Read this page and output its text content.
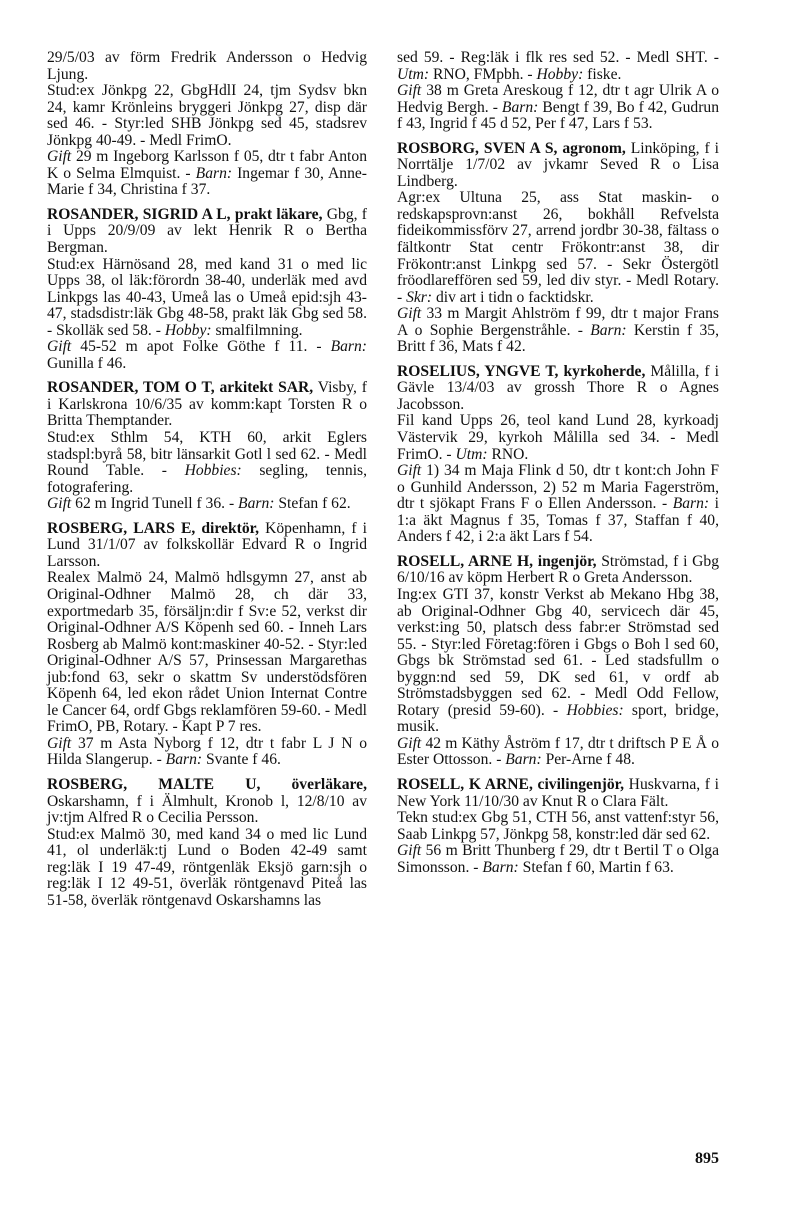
29/5/03 av förm Fredrik Andersson o Hedvig Ljung.

Stud:ex Jönkpg 22, GbgHdlI 24, tjm Sydsv bkn 24, kamr Krönleins bryggeri Jönkpg 27, disp där sed 46. - Styr:led SHB Jönkpg sed 45, stadsrev Jönkpg 40-49. - Medl FrimO.

Gift 29 m Ingeborg Karlsson f 05, dtr t fabr Anton K o Selma Elmquist. - Barn: Ingemar f 30, Anne-Marie f 34, Christina f 37.

ROSANDER, SIGRID A L, prakt läkare, Gbg, f i Upps 20/9/09 av lekt Henrik R o Bertha Bergman.

Stud:ex Härnösand 28, med kand 31 o med lic Upps 38, ol läk:förordn 38-40, underläk med avd Linkpgs las 40-43, Umeå las o Umeå epid:sjh 43-47, stadsdistr:läk Gbg 48-58, prakt läk Gbg sed 58. - Skolläk sed 58. - Hobby: smalfilmning.

Gift 45-52 m apot Folke Göthe f 11. - Barn: Gunilla f 46.

ROSANDER, TOM O T, arkitekt SAR, Visby, f i Karlskrona 10/6/35 av komm:kapt Torsten R o Britta Themptander.

Stud:ex Sthlm 54, KTH 60, arkit Eglers stadspl:byrå 58, bitr länsarkit Gotl l sed 62. - Medl Round Table. - Hobbies: segling, tennis, fotografering.

Gift 62 m Ingrid Tunell f 36. - Barn: Stefan f 62.

ROSBERG, LARS E, direktör, Köpenhamn, f i Lund 31/1/07 av folkskollär Edvard R o Ingrid Larsson.

Realex Malmö 24, Malmö hdlsgymn 27, anst ab Original-Odhner Malmö 28, ch där 33, exportmedarb 35, försäljn:dir f Sv:e 52, verkst dir Original-Odhner A/S Köpenh sed 60. - Inneh Lars Rosberg ab Malmö kont:maskiner 40-52. - Styr:led Original-Odhner A/S 57, Prinsessan Margarethas jub:fond 63, sekr o skattm Sv understödsfören Köpenh 64, led ekon rådet Union Internat Contre le Cancer 64, ordf Gbgs reklamfören 59-60. - Medl FrimO, PB, Rotary. - Kapt P 7 res.

Gift 37 m Asta Nyborg f 12, dtr t fabr L J N o Hilda Slangerup. - Barn: Svante f 46.

ROSBERG, MALTE U, överläkare, Oskarshamn, f i Älmhult, Kronob l, 12/8/10 av jv:tjm Alfred R o Cecilia Persson.

Stud:ex Malmö 30, med kand 34 o med lic Lund 41, ol underläk:tj Lund o Boden 42-49 samt reg:läk I 19 47-49, röntgenläk Eksjö garn:sjh o reg:läk I 12 49-51, överläk röntgenavd Piteå las 51-58, överläk röntgenavd Oskarshamns las

sed 59. - Reg:läk i flk res sed 52. - Medl SHT. - Utm: RNO, FMpbh. - Hobby: fiske.

Gift 38 m Greta Areskoug f 12, dtr t agr Ulrik A o Hedvig Bergh. - Barn: Bengt f 39, Bo f 42, Gudrun f 43, Ingrid f 45 d 52, Per f 47, Lars f 53.

ROSBORG, SVEN A S, agronom, Linköping, f i Norrtälje 1/7/02 av jvkamr Seved R o Lisa Lindberg.

Agr:ex Ultuna 25, ass Stat maskin- o redskapsprovn:anst 26, bokhåll Refvelsta fideikommissförv 27, arrend jordbr 30-38, fältass o fältkontr Stat centr Frökontr:anst 38, dir Frökontr:anst Linkpg sed 57. - Sekr Östergötl fröodlareffören sed 59, led div styr. - Medl Rotary. - Skr: div art i tidn o facktidskr.

Gift 33 m Margit Ahlström f 99, dtr t major Frans A o Sophie Bergenstråhle. - Barn: Kerstin f 35, Britt f 36, Mats f 42.

ROSELIUS, YNGVE T, kyrkoherde, Målilla, f i Gävle 13/4/03 av grossh Thore R o Agnes Jacobsson.

Fil kand Upps 26, teol kand Lund 28, kyrkoadj Västervik 29, kyrkoh Målilla sed 34. - Medl FrimO. - Utm: RNO.

Gift 1) 34 m Maja Flink d 50, dtr t kont:ch John F o Gunhild Andersson, 2) 52 m Maria Fagerström, dtr t sjökapt Frans F o Ellen Andersson. - Barn: i 1:a äkt Magnus f 35, Tomas f 37, Staffan f 40, Anders f 42, i 2:a äkt Lars f 54.

ROSELL, ARNE H, ingenjör, Strömstad, f i Gbg 6/10/16 av köpm Herbert R o Greta Andersson.

Ing:ex GTI 37, konstr Verkst ab Mekano Hbg 38, ab Original-Odhner Gbg 40, servicech där 45, verkst:ing 50, platsch dess fabr:er Strömstad sed 55. - Styr:led Företag:fören i Gbgs o Boh l sed 60, Gbgs bk Strömstad sed 61. - Led stadsfullm o byggn:nd sed 59, DK sed 61, v ordf ab Strömstadsbyggen sed 62. - Medl Odd Fellow, Rotary (presid 59-60). - Hobbies: sport, bridge, musik.

Gift 42 m Käthy Åström f 17, dtr t driftsch P E Å o Ester Ottosson. - Barn: Per-Arne f 48.

ROSELL, K ARNE, civilingenjör, Huskvarna, f i New York 11/10/30 av Knut R o Clara Fält.

Tekn stud:ex Gbg 51, CTH 56, anst vattenf:styr 56, Saab Linkpg 57, Jönkpg 58, konstr:led där sed 62.

Gift 56 m Britt Thunberg f 29, dtr t Bertil T o Olga Simonsson. - Barn: Stefan f 60, Martin f 63.

895
